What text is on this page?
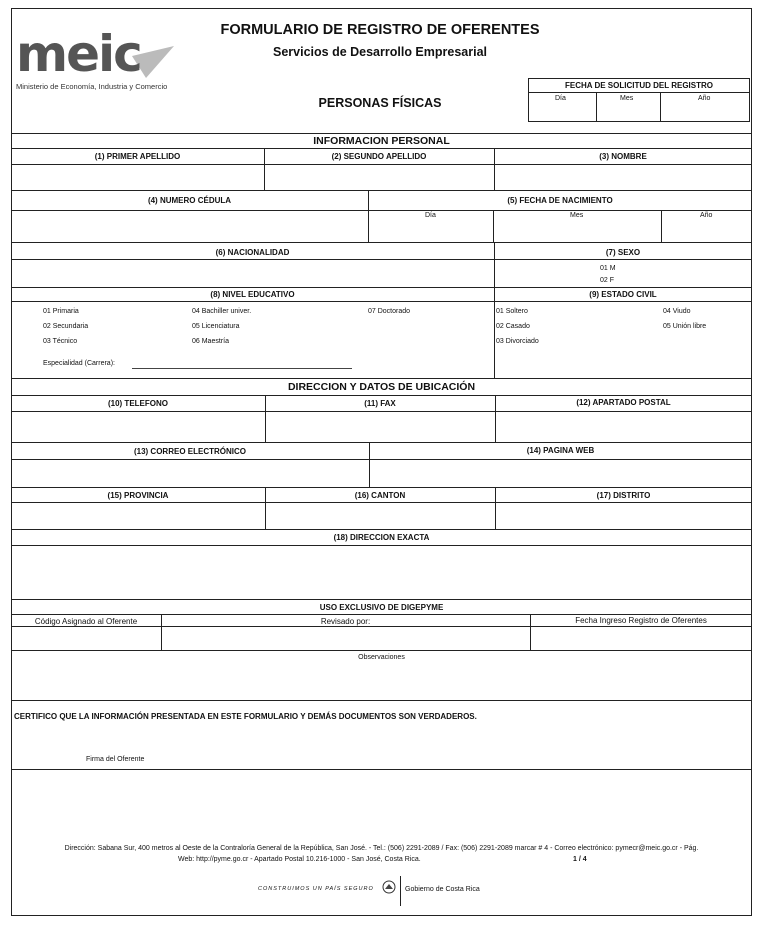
meic
Ministerio de Economía, Industria y Comercio
FORMULARIO DE REGISTRO DE OFERENTES
Servicios de Desarrollo Empresarial
PERSONAS FÍSICAS
FECHA DE SOLICITUD DEL REGISTRO
Día	Mes	Año
INFORMACION PERSONAL
(1) PRIMER APELLIDO	(2) SEGUNDO APELLIDO	(3) NOMBRE
(4) NUMERO CÉDULA	(5) FECHA DE NACIMIENTO
Día	Mes	Año
(6) NACIONALIDAD	(7) SEXO
01 M
02 F
(8) NIVEL EDUCATIVO	(9) ESTADO CIVIL
01 Primaria
02 Secundaria
03 Técnico
04 Bachiller univer.
05 Licenciatura
06 Maestría
07 Doctorado
Especialidad (Carrera):
01 Soltero
02 Casado
03 Divorciado
04 Viudo
05 Unión libre
DIRECCION Y DATOS DE UBICACIÓN
(10) TELEFONO	(11) FAX	(12) APARTADO POSTAL
(13) CORREO ELECTRÓNICO	(14) PAGINA WEB
(15) PROVINCIA	(16) CANTON	(17) DISTRITO
(18) DIRECCION EXACTA
USO EXCLUSIVO DE DIGEPYME
Código Asignado al Oferente	Revisado por:	Fecha Ingreso Registro de Oferentes
Observaciones
CERTIFICO QUE LA INFORMACIÓN PRESENTADA EN ESTE FORMULARIO Y DEMÁS DOCUMENTOS SON VERDADEROS.
Firma del Oferente
Dirección: Sabana Sur, 400 metros al Oeste de la Contraloría General de la República, San José. - Tel.: (506) 2291-2089 / Fax: (506) 2291-2089 marcar # 4 - Correo electrónico: pymecr@meic.go.cr - Pág.
Web: http://pyme.go.cr - Apartado Postal 10.216-1000 - San José, Costa Rica.	1 / 4
CONSTRUIMOS UN PAÍS SEGURO	Gobierno de Costa Rica
